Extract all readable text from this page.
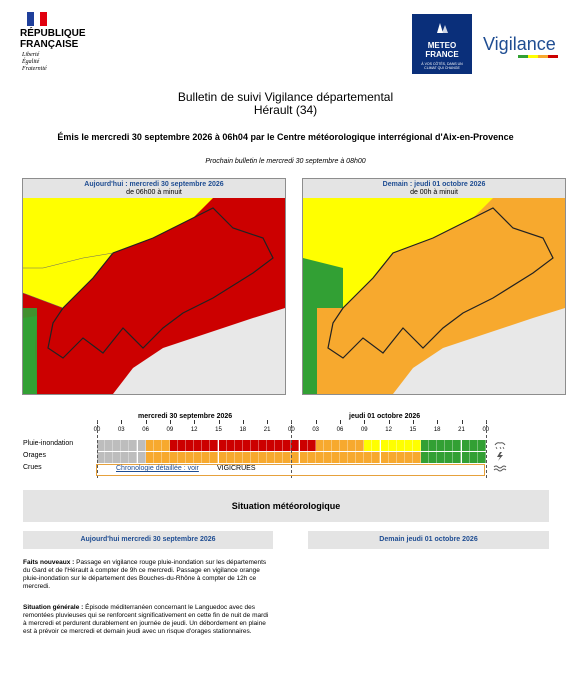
RÉPUBLIQUE
FRANÇAISE
Liberté
Égalité
Fraternité
METEO
FRANCE
À VOS CÔTÉS, DANS UN CLIMAT QUI CHANGE
Vigilance
Bulletin de suivi Vigilance départemental
Hérault (34)
Émis le mercredi 30 septembre 2026 à 06h04 par le Centre météorologique interrégional d'Aix-en-Provence
Prochain bulletin le mercredi 30 septembre à 08h00
Aujourd'hui : mercredi 30 septembre 2026
de 06h00 à minuit
Demain : jeudi 01 octobre 2026
de 00h à minuit
mercredi 30 septembre 2026	jeudi 01 octobre 2026
00	03	06	09	12	15	18	21	00	03	06	09	12	15	18	21	00
Pluie-inondation
Orages
Crues	Chronologie détaillée : voir	VIGICRUES
Situation météorologique
Aujourd'hui mercredi 30 septembre 2026	Demain jeudi 01 octobre 2026
Faits nouveaux : Passage en vigilance rouge pluie-inondation sur les départements du Gard et de l'Hérault à compter de 9h ce mercredi. Passage en vigilance orange pluie-inondation sur le département des Bouches-du-Rhône à compter de 12h ce mercredi.
Situation générale : Épisode méditerranéen concernant le Languedoc avec des remontées pluvieuses qui se renforcent significativement en cette fin de nuit de mardi à mercredi et perdurent durablement en journée de jeudi. Un débordement en plaine est à prévoir ce mercredi et demain jeudi avec un risque d'orages stationnaires.
